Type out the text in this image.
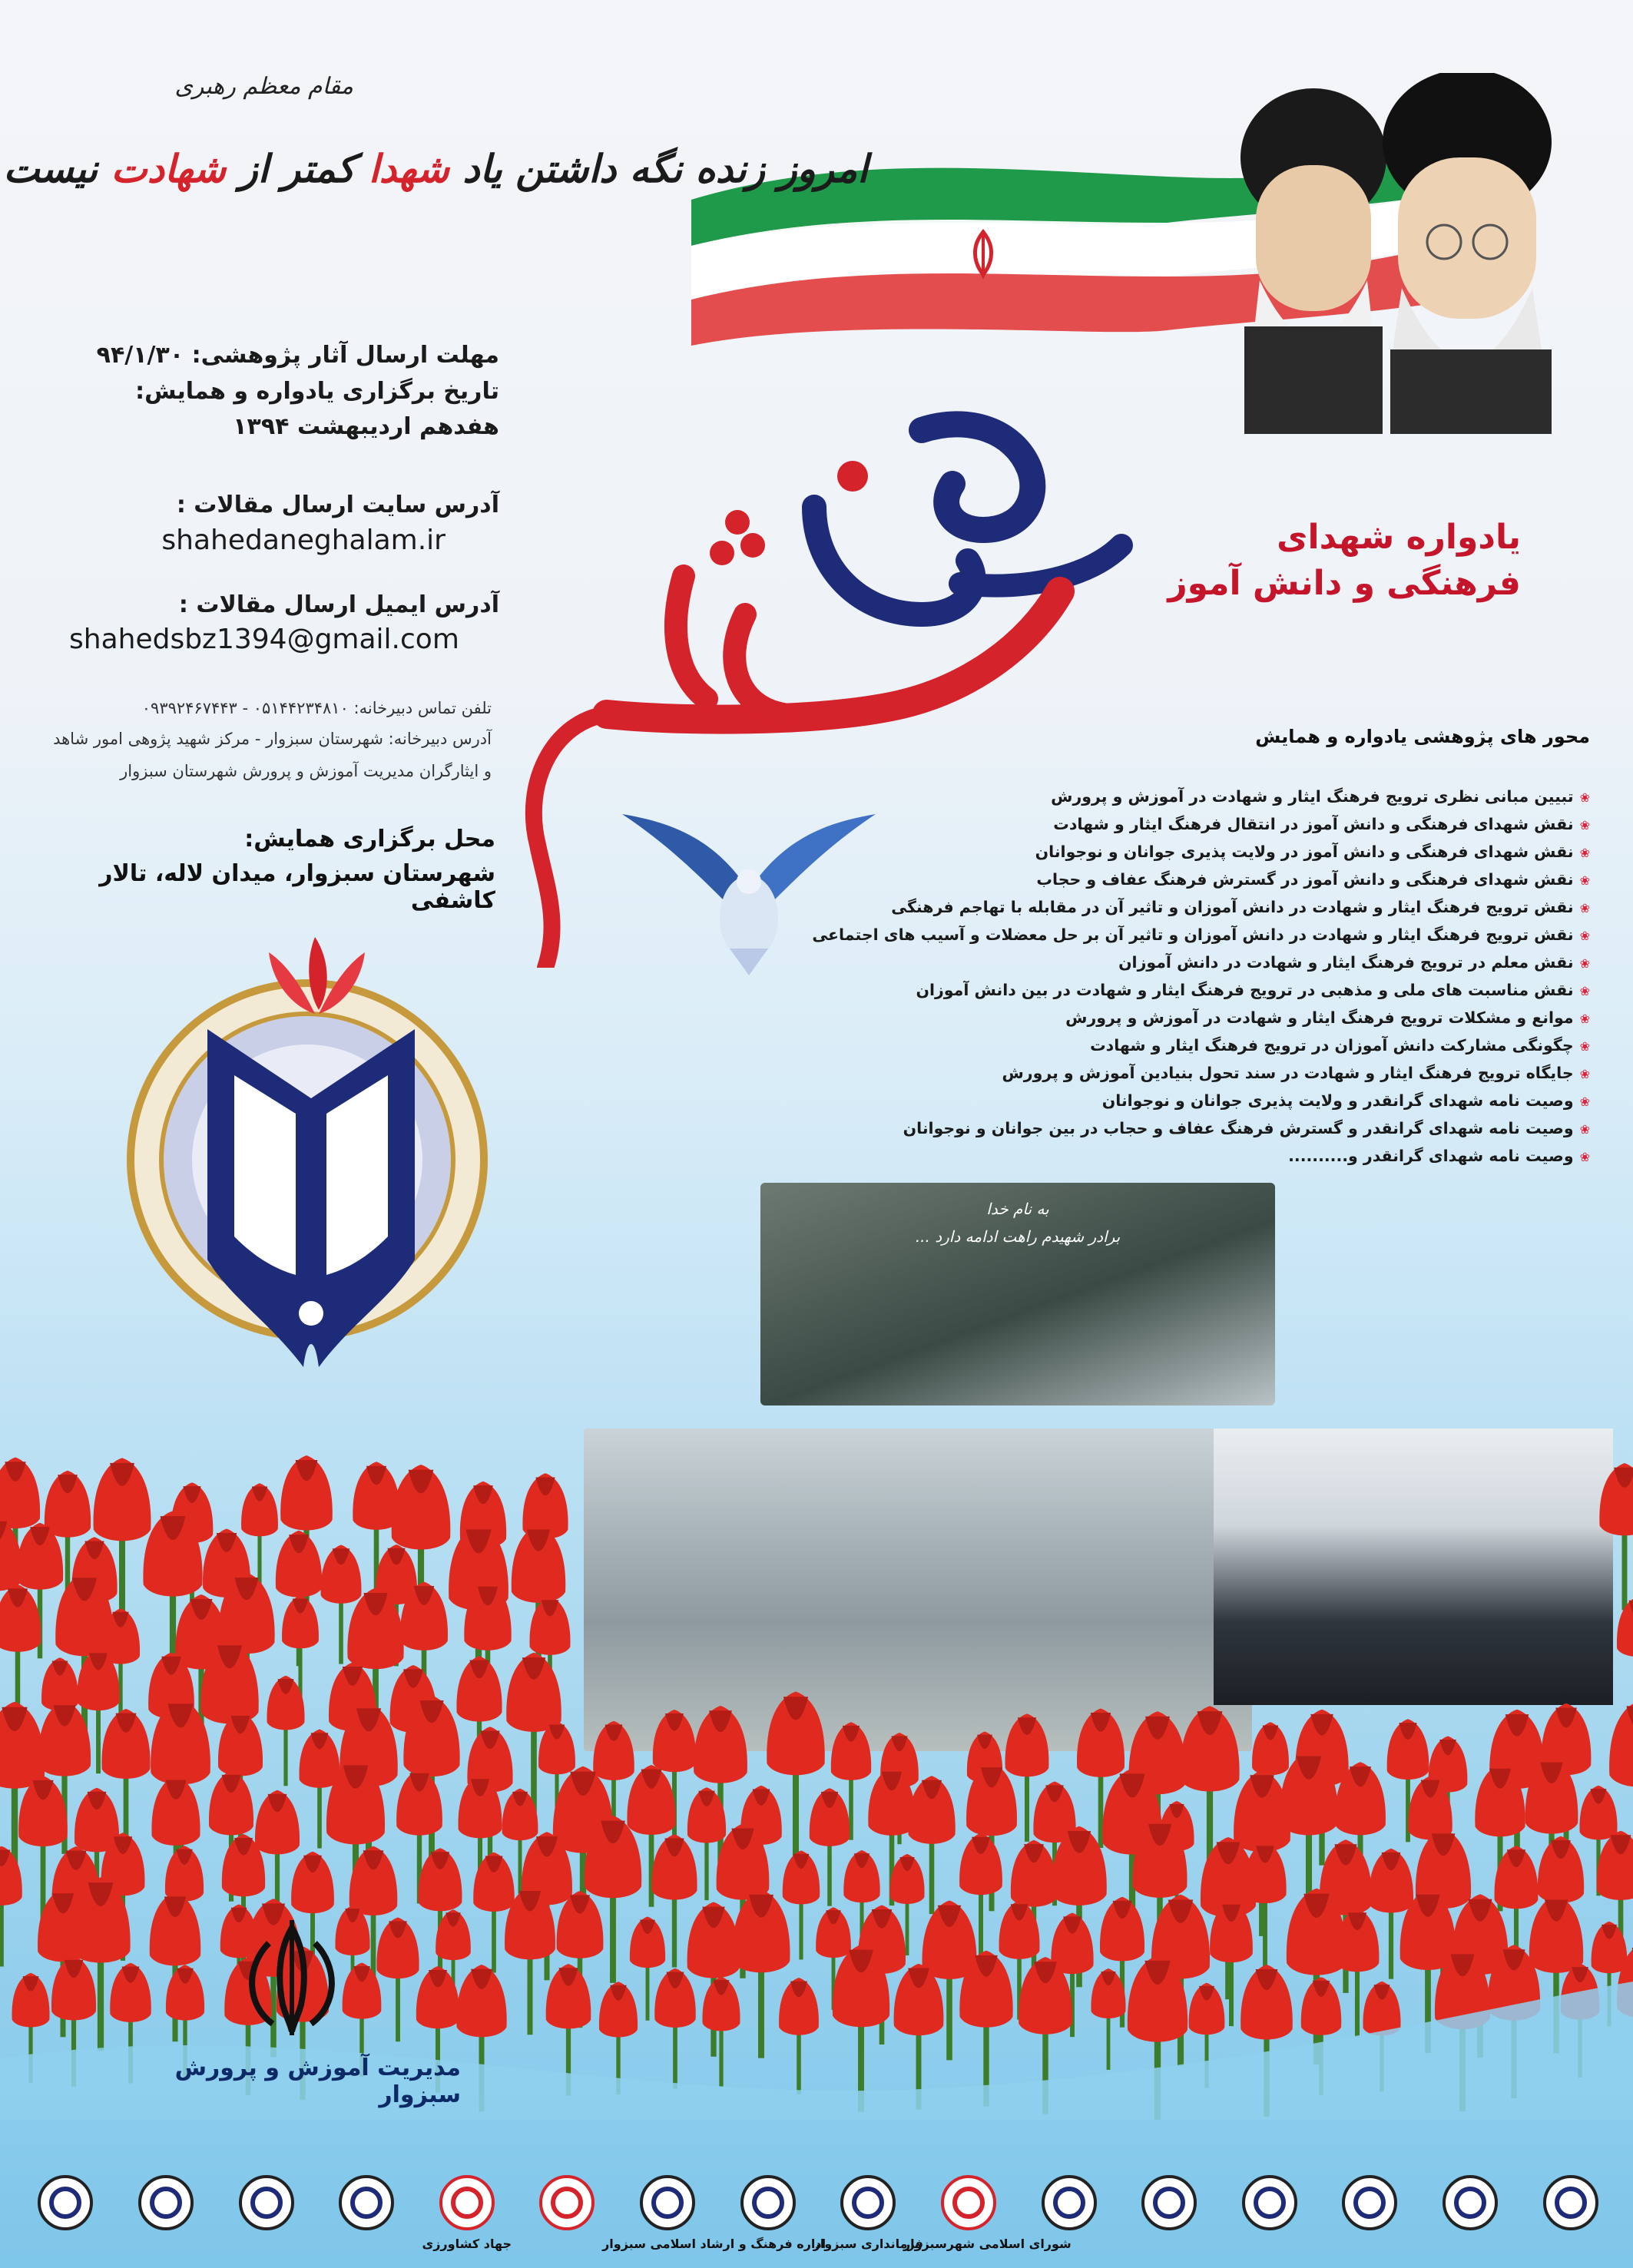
مقام معظم رهبری
امروز زنده نگه داشتن یاد شهدا کمتر از شهادت نیست
مهلت ارسال آثار پژوهشی: ۹۴/۱/۳۰
تاریخ برگزاری یادواره و همایش:
هفدهم اردیبهشت ۱۳۹۴
آدرس سایت ارسال مقالات :
shahedaneghalam.ir
آدرس ایمیل ارسال مقالات :
shahedsbz1394@gmail.com
تلفن تماس دبیرخانه: ۰۵۱۴۴۲۳۴۸۱۰ - ۰۹۳۹۲۴۶۷۴۴۳
آدرس دبیرخانه: شهرستان سبزوار - مرکز شهید پژوهی امور شاهد
و ایثارگران مدیریت آموزش و پرورش شهرستان سبزوار
محل برگزاری همایش:
شهرستان سبزوار، میدان لاله، تالار کاشفی
یادواره شهدای
فرهنگی و دانش آموز
محور های پژوهشی یادواره و همایش
❀تبیین مبانی نظری ترویج فرهنگ ایثار و شهادت در آموزش و پرورش
❀نقش شهدای فرهنگی و دانش آموز در انتقال فرهنگ ایثار و شهادت
❀نقش شهدای فرهنگی و دانش آموز در ولایت پذیری جوانان و نوجوانان
❀نقش شهدای فرهنگی و دانش آموز در گسترش فرهنگ عفاف و حجاب
❀نقش ترویج فرهنگ ایثار و شهادت در دانش آموزان و تاثیر آن در مقابله با تهاجم فرهنگی
❀نقش ترویج فرهنگ ایثار و شهادت در دانش آموزان و تاثیر آن بر حل معضلات و آسیب های اجتماعی
❀نقش معلم در ترویج فرهنگ ایثار و شهادت در دانش آموزان
❀نقش مناسبت های ملی و مذهبی در ترویج فرهنگ ایثار و شهادت در بین دانش آموزان
❀موانع و مشکلات ترویج فرهنگ ایثار و شهادت در آموزش و پرورش
❀چگونگی مشارکت دانش آموزان در ترویج فرهنگ ایثار و شهادت
❀جایگاه ترویج فرهنگ ایثار و شهادت در سند تحول بنیادین آموزش و پرورش
❀وصیت نامه شهدای گرانقدر و ولایت پذیری جوانان و نوجوانان
❀وصیت نامه شهدای گرانقدر و گسترش فرهنگ عفاف و حجاب در بین جوانان و نوجوانان
❀وصیت نامه شهدای گرانقدر و..........
به نام خدا
برادر شهیدم راهت ادامه دارد ...
مدیریت آموزش و پرورش سبزوار
شورای اسلامی شهرسبزوار
فرمانداری سبزوار
اداره فرهنگ و ارشاد اسلامی سبزوار
جهاد کشاورزی
